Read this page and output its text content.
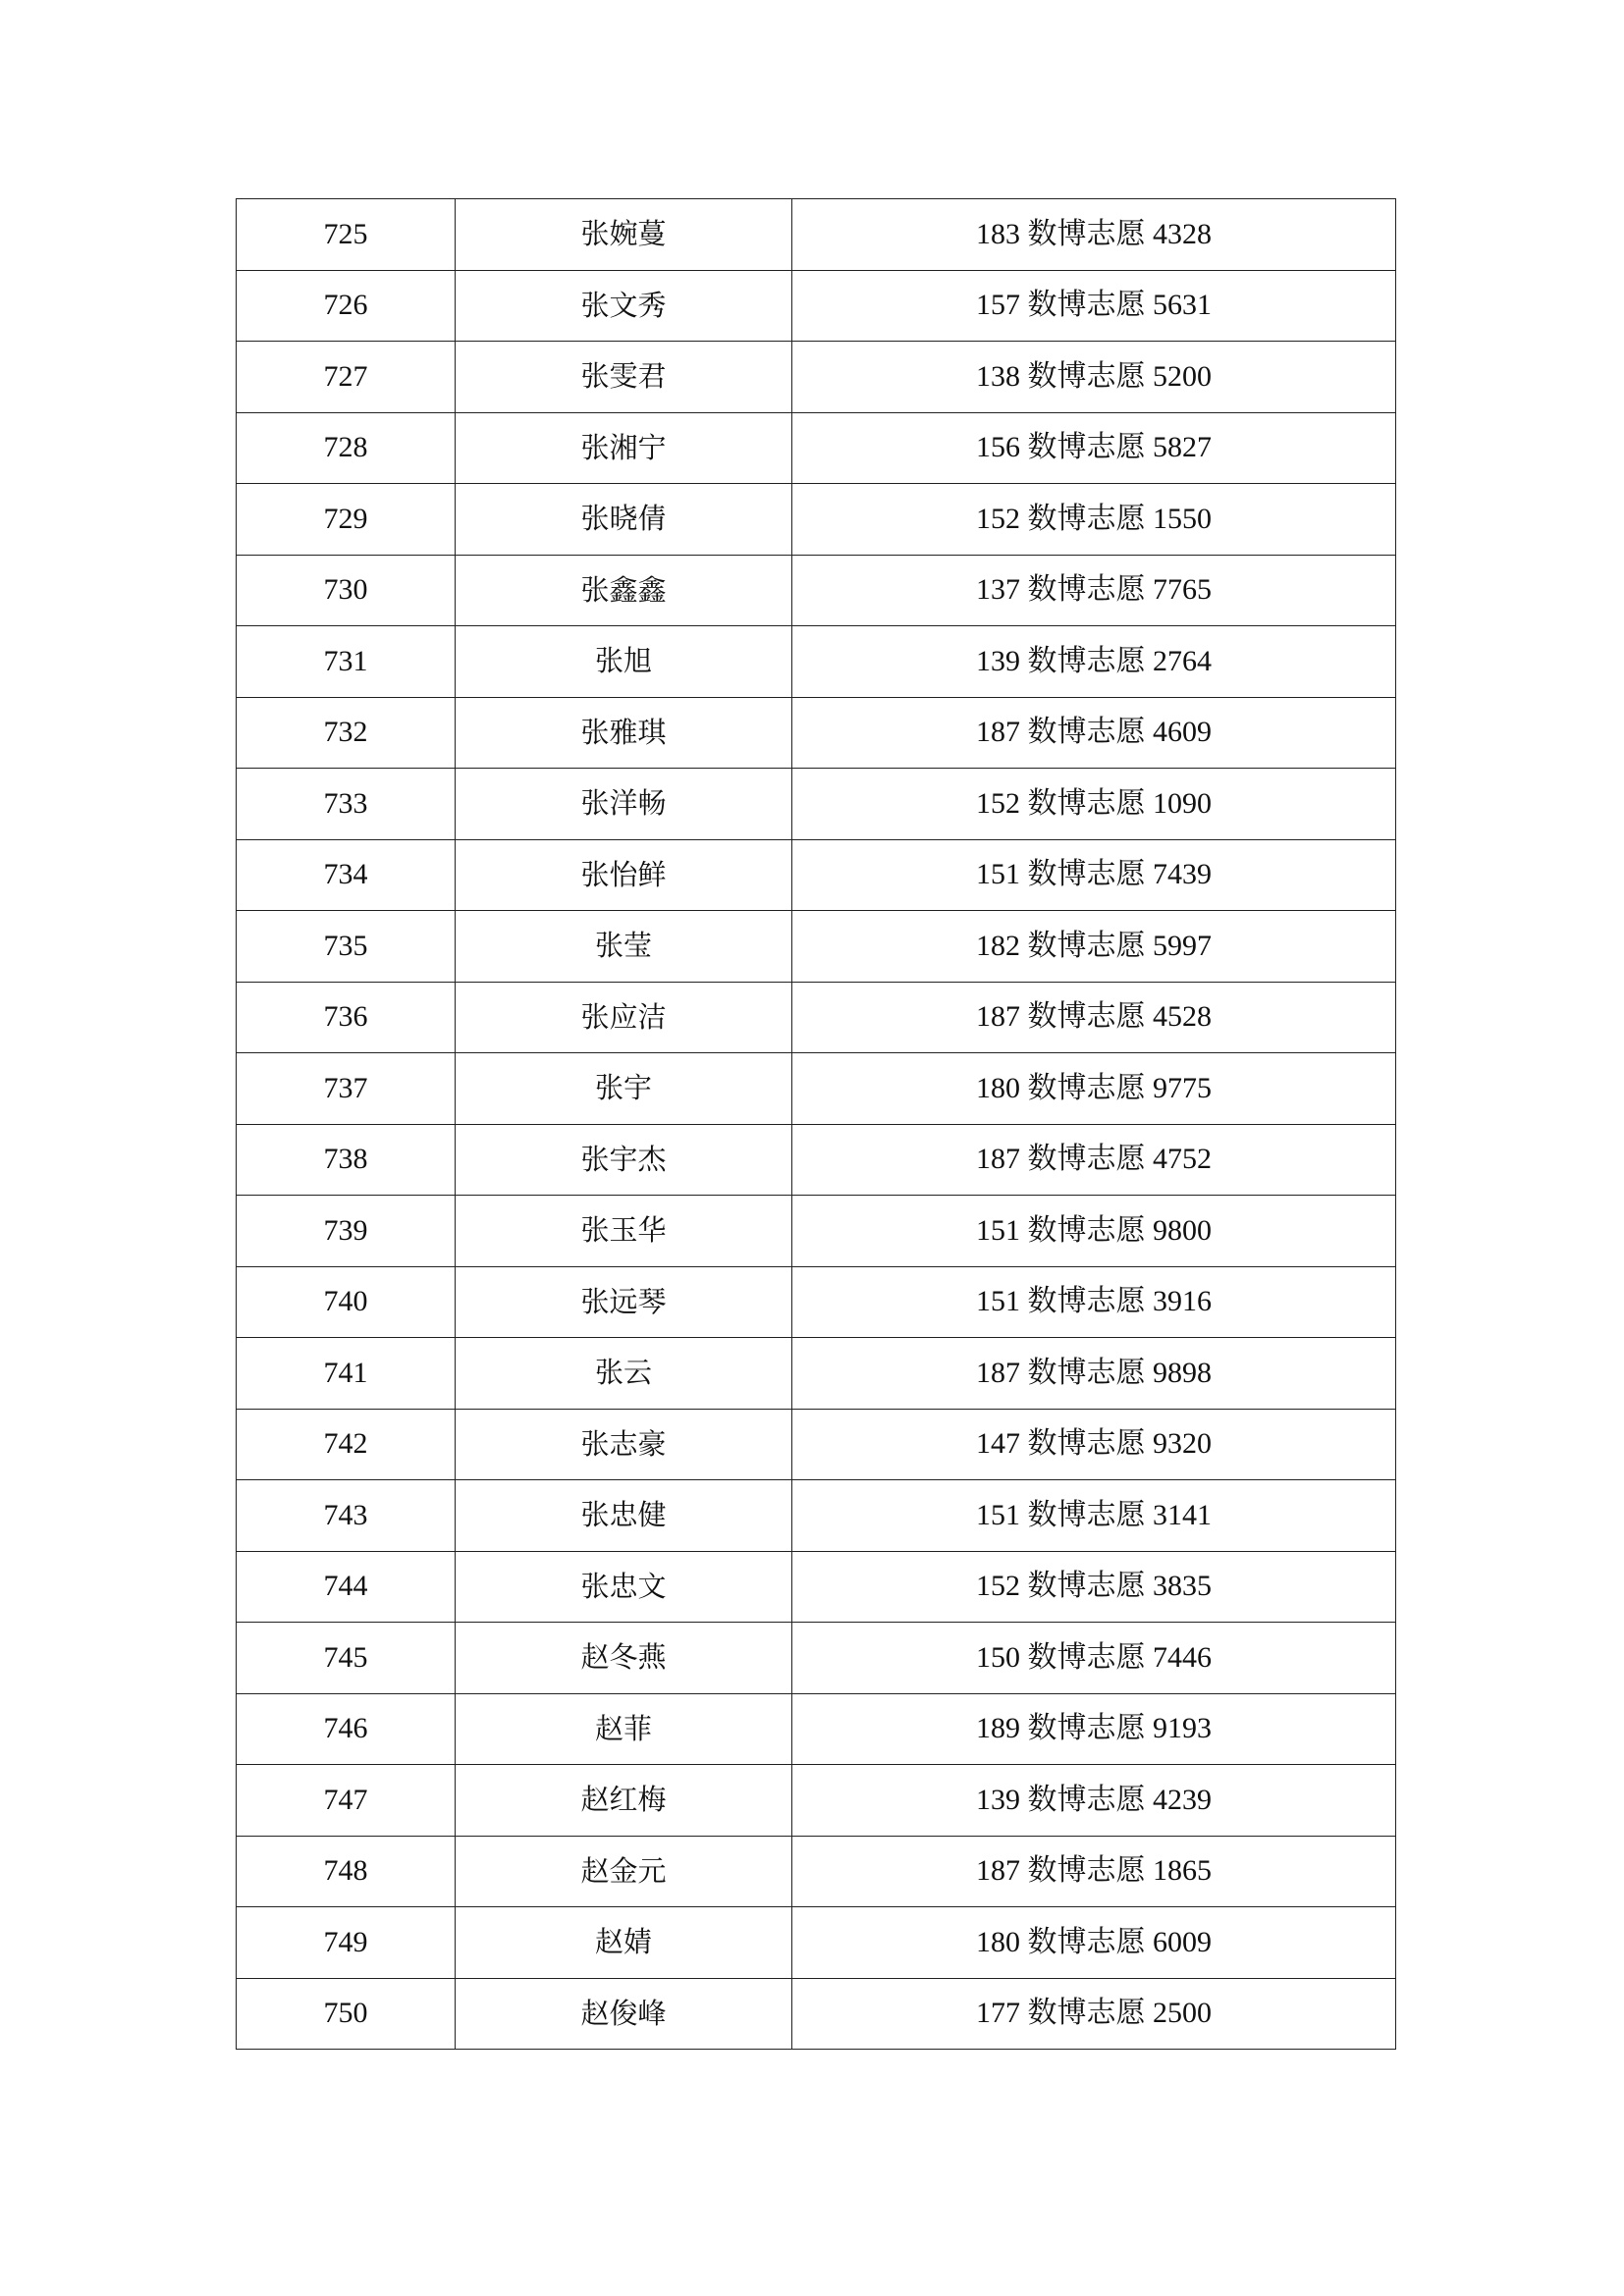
725	张婉蔓	183 数博志愿 4328
726	张文秀	157 数博志愿 5631
727	张雯君	138 数博志愿 5200
728	张湘宁	156 数博志愿 5827
729	张晓倩	152 数博志愿 1550
730	张鑫鑫	137 数博志愿 7765
731	张旭	139 数博志愿 2764
732	张雅琪	187 数博志愿 4609
733	张洋畅	152 数博志愿 1090
734	张怡鲜	151 数博志愿 7439
735	张莹	182 数博志愿 5997
736	张应洁	187 数博志愿 4528
737	张宇	180 数博志愿 9775
738	张宇杰	187 数博志愿 4752
739	张玉华	151 数博志愿 9800
740	张远琴	151 数博志愿 3916
741	张云	187 数博志愿 9898
742	张志豪	147 数博志愿 9320
743	张忠健	151 数博志愿 3141
744	张忠文	152 数博志愿 3835
745	赵冬燕	150 数博志愿 7446
746	赵菲	189 数博志愿 9193
747	赵红梅	139 数博志愿 4239
748	赵金元	187 数博志愿 1865
749	赵婧	180 数博志愿 6009
750	赵俊峰	177 数博志愿 2500
